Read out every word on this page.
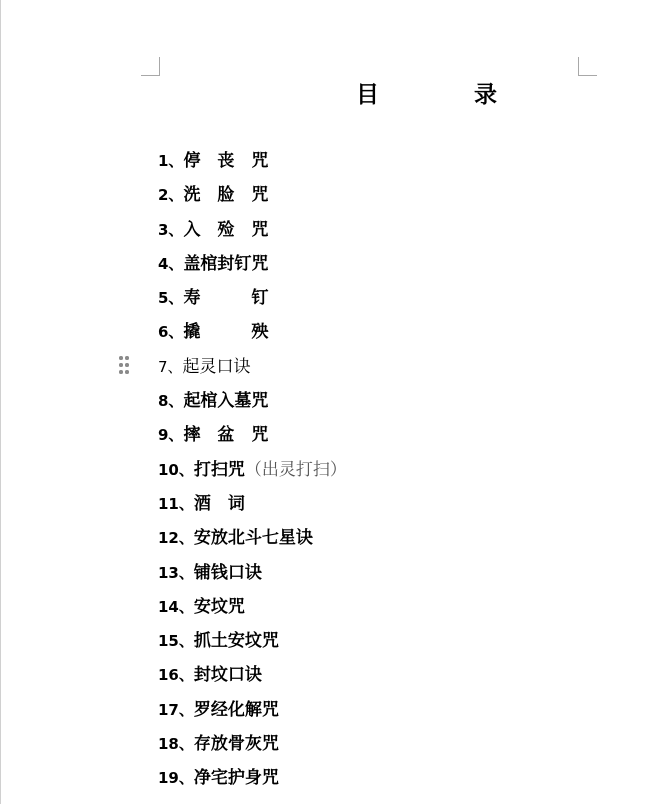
目　录
1、停　丧　咒
2、洗　脸　咒
3、入　殓　咒
4、盖棺封钉咒
5、寿　　　钉
6、撬　　　殃
7、起灵口诀
8、起棺入墓咒
9、摔　盆　咒
10、打扫咒（出灵打扫）
11、酒　词
12、安放北斗七星诀
13、铺钱口诀
14、安坟咒
15、抓土安坟咒
16、封坟口诀
17、罗经化解咒
18、存放骨灰咒
19、净宅护身咒
